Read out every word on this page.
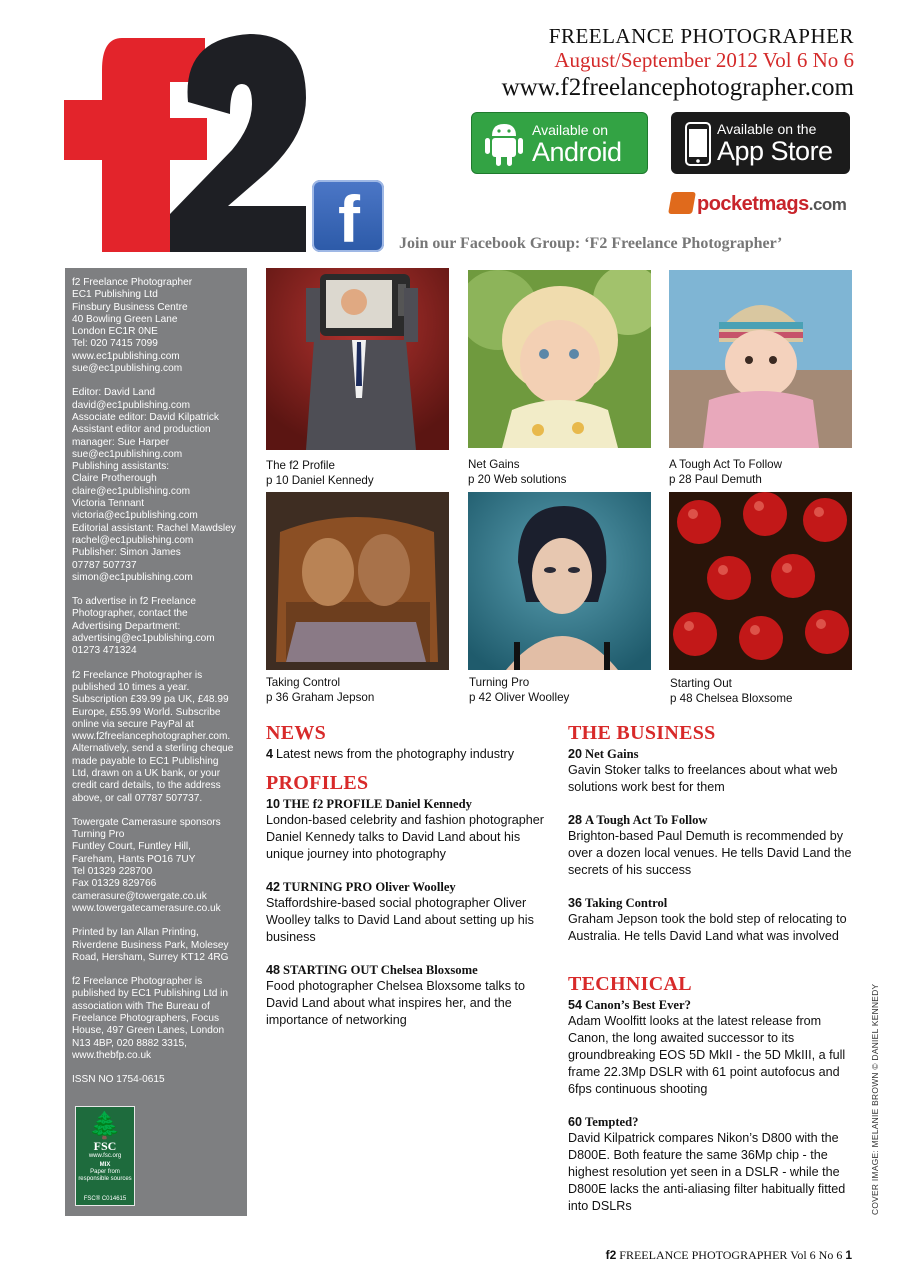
f
FREELANCE PHOTOGRAPHER
August/September 2012 Vol 6 No 6
www.f2freelancephotographer.com
Available on
Android
Available on the
App Store
pocketmags.com
Join our Facebook Group: ‘F2 Freelance Photographer’

f2 Freelance Photographer
EC1 Publishing Ltd
Finsbury Business Centre
40 Bowling Green Lane
London EC1R 0NE
Tel: 020 7415 7099
www.ec1publishing.com
sue@ec1publishing.com

Editor: David Land
david@ec1publishing.com
Associate editor: David Kilpatrick
Assistant editor and production
manager: Sue Harper
sue@ec1publishing.com
Publishing assistants:
Claire Protherough
claire@ec1publishing.com
Victoria Tennant
victoria@ec1publishing.com
Editorial assistant: Rachel Mawdsley
rachel@ec1publishing.com
Publisher: Simon James
07787 507737
simon@ec1publishing.com

To advertise in f2 Freelance
Photographer, contact the
Advertising Department:
advertising@ec1publishing.com
01273 471324

f2 Freelance Photographer is
published 10 times a year.
Subscription £39.99 pa UK, £48.99
Europe, £55.99 World. Subscribe
online via secure PayPal at
www.f2freelancephotographer.com.
Alternatively, send a sterling cheque
made payable to EC1 Publishing
Ltd, drawn on a UK bank, or your
credit card details, to the address
above, or call 07787 507737.

Towergate Camerasure sponsors
Turning Pro
Funtley Court, Funtley Hill,
Fareham, Hants PO16 7UY
Tel 01329 228700
Fax 01329 829766
camerasure@towergate.co.uk
www.towergatecamerasure.co.uk

Printed by Ian Allan Printing,
Riverdene Business Park, Molesey
Road, Hersham, Surrey KT12 4RG

f2 Freelance Photographer is
published by EC1 Publishing Ltd in
association with The Bureau of
Freelance Photographers, Focus
House, 497 Green Lanes, London
N13 4BP, 020 8882 3315,
www.thebfp.co.uk

ISSN NO 1754-0615

🌲
FSC
www.fsc.org
MIX
Paper from responsible sources
FSC® C014615
The f2 Profile
p 10 Daniel Kennedy
Net Gains
p 20 Web solutions
A Tough Act To Follow
p 28 Paul Demuth
Taking Control
p 36 Graham Jepson
Turning Pro
p 42 Oliver Woolley
Starting Out
p 48 Chelsea Bloxsome
NEWS
4 Latest news from the photography industry
PROFILES
10 THE f2 PROFILE Daniel Kennedy
London-based celebrity and fashion photographer Daniel Kennedy talks to David Land about his unique journey into photography
42 TURNING PRO Oliver Woolley
Staffordshire-based social photographer Oliver Woolley talks to David Land about setting up his business
48 STARTING OUT Chelsea Bloxsome
Food photographer Chelsea Bloxsome talks to David Land about what inspires her, and the importance of networking
THE BUSINESS
20 Net Gains
Gavin Stoker talks to freelances about what web solutions work best for them
28 A Tough Act To Follow
Brighton-based Paul Demuth is recommended by over a dozen local venues. He tells David Land the secrets of his success
36 Taking Control
Graham Jepson took the bold step of relocating to Australia. He tells David Land what was involved
TECHNICAL
54 Canon’s Best Ever?
Adam Woolfitt looks at the latest release from Canon, the long awaited successor to its groundbreaking EOS 5D MkII - the 5D MkIII, a full frame 22.3Mp DSLR with 61 point autofocus and 6fps continuous shooting
60 Tempted?
David Kilpatrick compares Nikon’s D800 with the D800E. Both feature the same 36Mp chip - the highest resolution yet seen in a DSLR - while the D800E lacks the anti-aliasing filter habitually fitted into DSLRs	COVER IMAGE: MELANIE BROWN © DANIEL KENNEDY
f2 FREELANCE PHOTOGRAPHER Vol 6 No 6 1
